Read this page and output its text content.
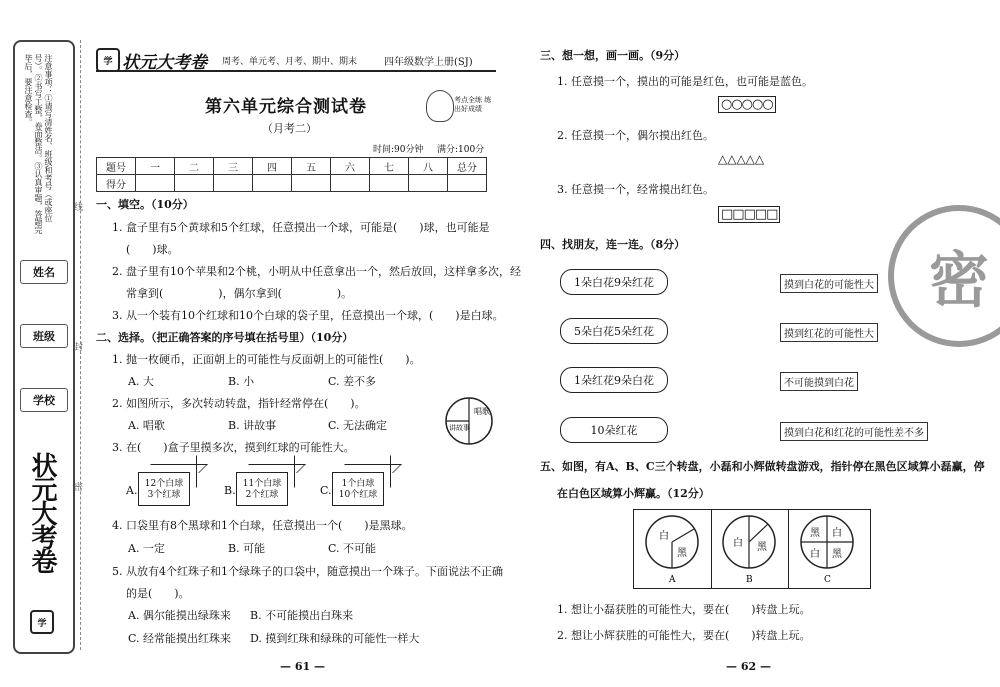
注意事项：①请写清姓名、班级和考号（或座位号）。②书写工整，卷面整洁。③认真审题，答题完毕后，要注意检查。
姓名
班级
学校
状元大考卷
学
线
封
密
学 状元大考卷 周考、单元考、月考、期中、期末	四年级数学上册(SJ)
第六单元综合测试卷
（月考二）
考点全练 练出好成绩
时间:90分钟 满分:100分
题号	一	二	三	四	五	六	七	八	总分
得分									
一、填空。（10分）
1. 盒子里有5个黄球和5个红球，任意摸出一个球，可能是(　　)球，也可能是
(　　)球。
2. 盘子里有10个苹果和2个桃，小明从中任意拿出一个，然后放回，这样拿多次，经
常拿到(　　　　　)，偶尔拿到(　　　　　)。
3. 从一个装有10个红球和10个白球的袋子里，任意摸出一个球，(　　)是白球。
二、选择。（把正确答案的序号填在括号里）（10分）
1. 抛一枚硬币，正面朝上的可能性与反面朝上的可能性(　　)。
A. 大	B. 小	C. 差不多
2. 如图所示，多次转动转盘，指针经常停在(　　)。
A. 唱歌	B. 讲故事	C. 无法确定
唱歌
讲故事
3. 在(　　)盒子里摸多次，摸到红球的可能性大。
A. 12个白球
3个红球	B. 11个白球
2个红球	C.	1个白球
10个红球
4. 口袋里有8个黑球和1个白球，任意摸出一个(　　)是黑球。
A. 一定	B. 可能	C. 不可能
5. 从放有4个红珠子和1个绿珠子的口袋中，随意摸出一个珠子。下面说法不正确
的是(　　)。
A. 偶尔能摸出绿珠来 B. 不可能摸出白珠来
C. 经常能摸出红珠来 D. 摸到红珠和绿珠的可能性一样大
— 61 —
三、想一想，画一画。（9分）
1. 任意摸一个，摸出的可能是红色，也可能是蓝色。
○○○○○
2. 任意摸一个，偶尔摸出红色。
△△△△△
3. 任意摸一个，经常摸出红色。
□□□□□
四、找朋友，连一连。（8分）
1朵白花9朵红花
5朵白花5朵红花
1朵红花9朵白花
10朵红花
摸到白花的可能性大
摸到红花的可能性大
不可能摸到白花
摸到白花和红花的可能性差不多
密
五、如图，有A、B、C三个转盘，小磊和小辉做转盘游戏，指针停在黑色区域算小磊赢，停
在白色区域算小辉赢。（12分）
白
黑
A
白 黑
B
黑 白
白 黑
C
1. 想让小磊获胜的可能性大，要在(　　)转盘上玩。
2. 想让小辉获胜的可能性大，要在(　　)转盘上玩。
— 62 —
